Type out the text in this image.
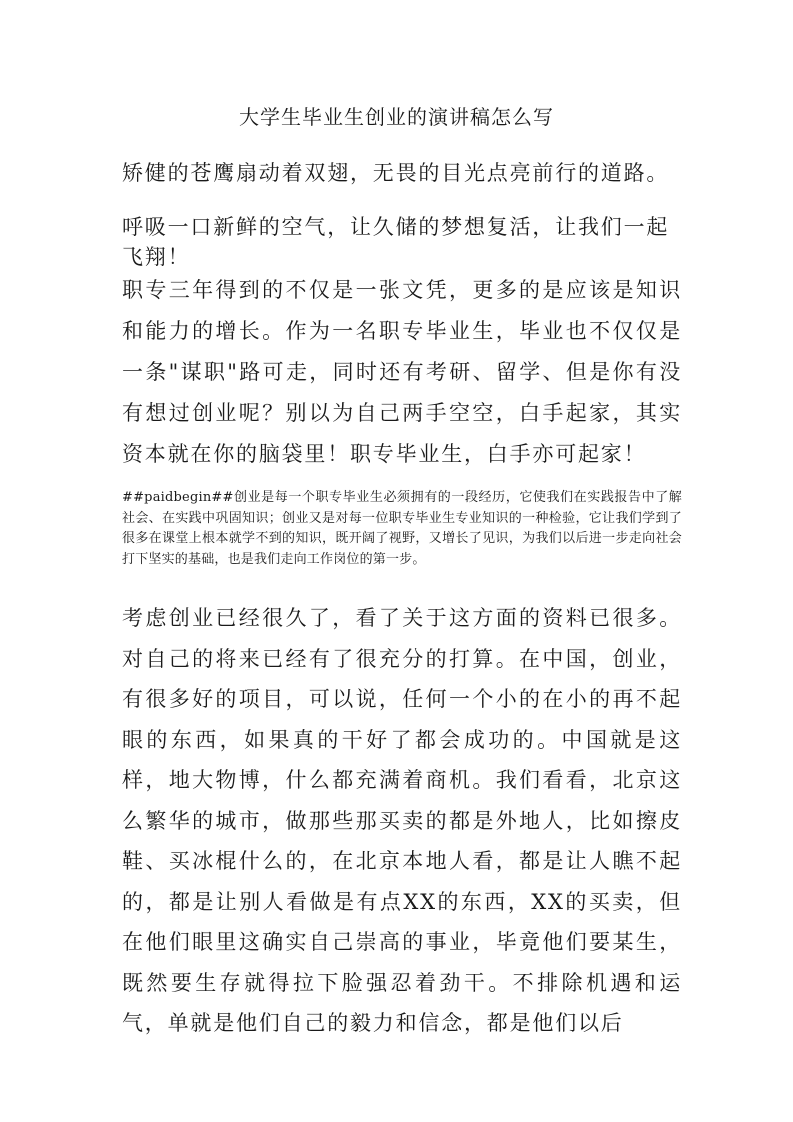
大学生毕业生创业的演讲稿怎么写

矫健的苍鹰扇动着双翅，无畏的目光点亮前行的道路。

呼吸一口新鲜的空气，让久储的梦想复活，让我们一起飞翔！

职专三年得到的不仅是一张文凭，更多的是应该是知识和能力的增长。作为一名职专毕业生，毕业也不仅仅是一条"谋职"路可走，同时还有考研、留学、但是你有没有想过创业呢？别以为自己两手空空，白手起家，其实资本就在你的脑袋里！职专毕业生，白手亦可起家！

##paidbegin##创业是每一个职专毕业生必须拥有的一段经历，它使我们在实践报告中了解社会、在实践中巩固知识；创业又是对每一位职专毕业生专业知识的一种检验，它让我们学到了很多在课堂上根本就学不到的知识，既开阔了视野，又增长了见识，为我们以后进一步走向社会打下坚实的基础，也是我们走向工作岗位的第一步。

考虑创业已经很久了，看了关于这方面的资料已很多。对自己的将来已经有了很充分的打算。在中国，创业，有很多好的项目，可以说，任何一个小的在小的再不起眼的东西，如果真的干好了都会成功的。中国就是这样，地大物博，什么都充满着商机。我们看看，北京这么繁华的城市，做那些那买卖的都是外地人，比如擦皮鞋、买冰棍什么的，在北京本地人看，都是让人瞧不起的，都是让别人看做是有点XX的东西，XX的买卖，但在他们眼里这确实自己崇高的事业，毕竟他们要某生，既然要生存就得拉下脸强忍着劲干。不排除机遇和运气，单就是他们自己的毅力和信念，都是他们以后
